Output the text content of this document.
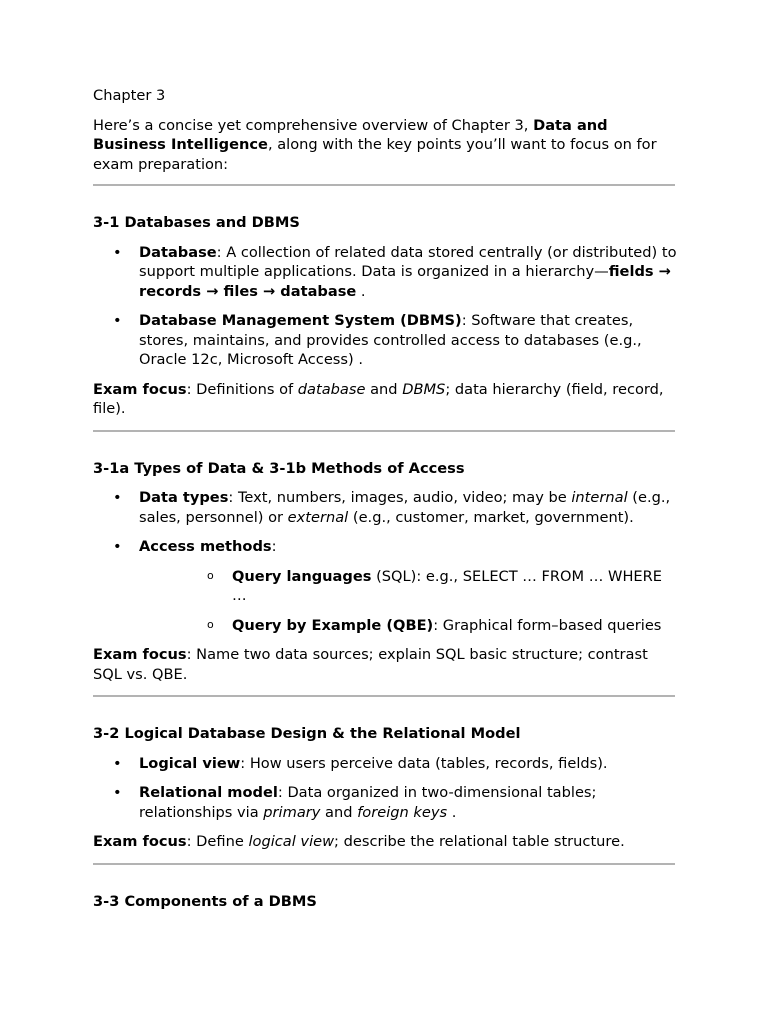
Chapter 3

Here’s a concise yet comprehensive overview of Chapter 3, Data and Business Intelligence, along with the key points you’ll want to focus on for exam preparation:

3-1 Databases and DBMS
• Database: A collection of related data stored centrally (or distributed) to support multiple applications. Data is organized in a hierarchy—fields → records → files → database .
• Database Management System (DBMS): Software that creates, stores, maintains, and provides controlled access to databases (e.g., Oracle 12c, Microsoft Access) .

Exam focus: Definitions of database and DBMS; data hierarchy (field, record, file).

3-1a Types of Data & 3-1b Methods of Access
• Data types: Text, numbers, images, audio, video; may be internal (e.g., sales, personnel) or external (e.g., customer, market, government).
• Access methods:
o Query languages (SQL): e.g., SELECT … FROM … WHERE …
o Query by Example (QBE): Graphical form–based queries

Exam focus: Name two data sources; explain SQL basic structure; contrast SQL vs. QBE.

3-2 Logical Database Design & the Relational Model
• Logical view: How users perceive data (tables, records, fields).
• Relational model: Data organized in two-dimensional tables; relationships via primary and foreign keys .

Exam focus: Define logical view; describe the relational table structure.

3-3 Components of a DBMS
